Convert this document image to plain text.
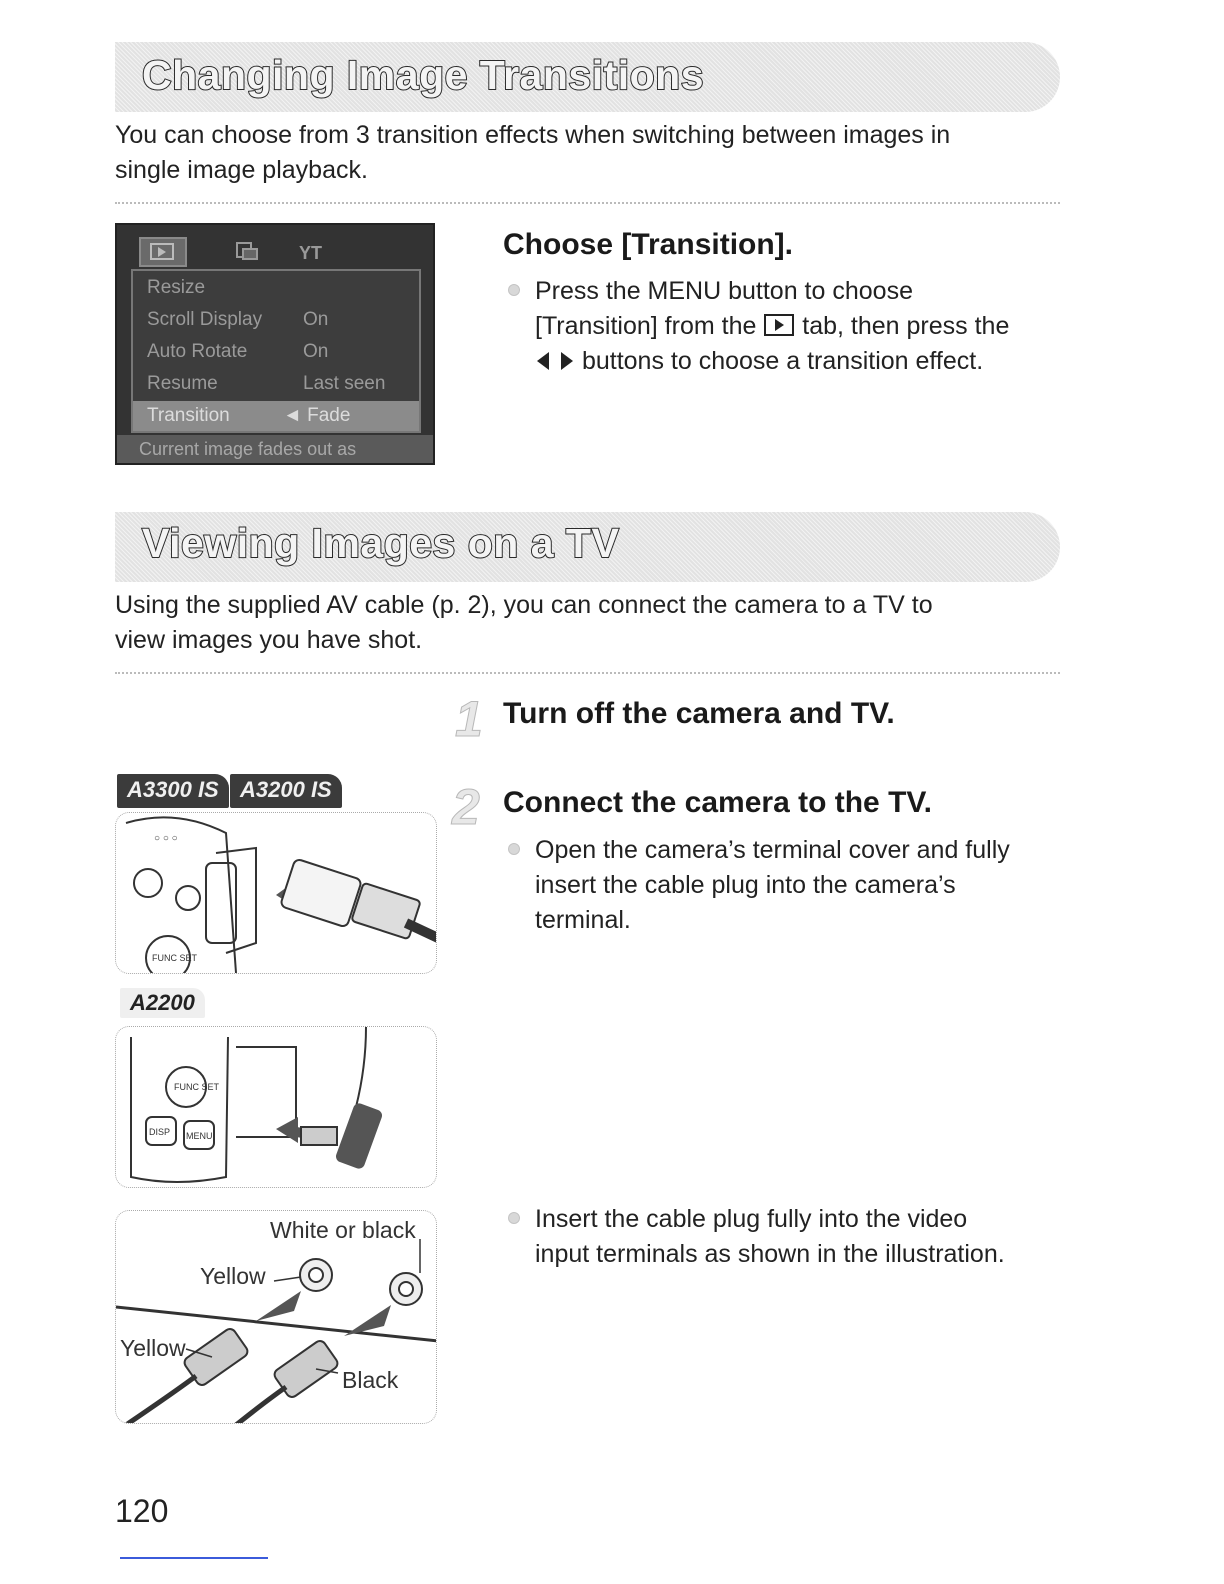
Changing Image Transitions
You can choose from 3 transition effects when switching between images in
single image playback.
YT
Resize
Scroll Display On
Auto Rotate	On
Resume	Last seen
Transition	◄ Fade
Current image fades out as
Choose [Transition].
Press the MENU button to choose
[Transition] from the tab, then press the
buttons to choose a transition effect.
Viewing Images on a TV
Using the supplied AV cable (p. 2), you can connect the camera to a TV to
view images you have shot.
1 Turn off the camera and TV.
2 Connect the camera to the TV.
Open the camera’s terminal cover and fully
insert the cable plug into the camera’s
terminal.
Insert the cable plug fully into the video
input terminals as shown in the illustration.
A3300 IS A3200 IS
○ ○ ○
FUNC SET
A2200
FUNC SET
DISP MENU
White or black
Yellow
Yellow
Black
120
